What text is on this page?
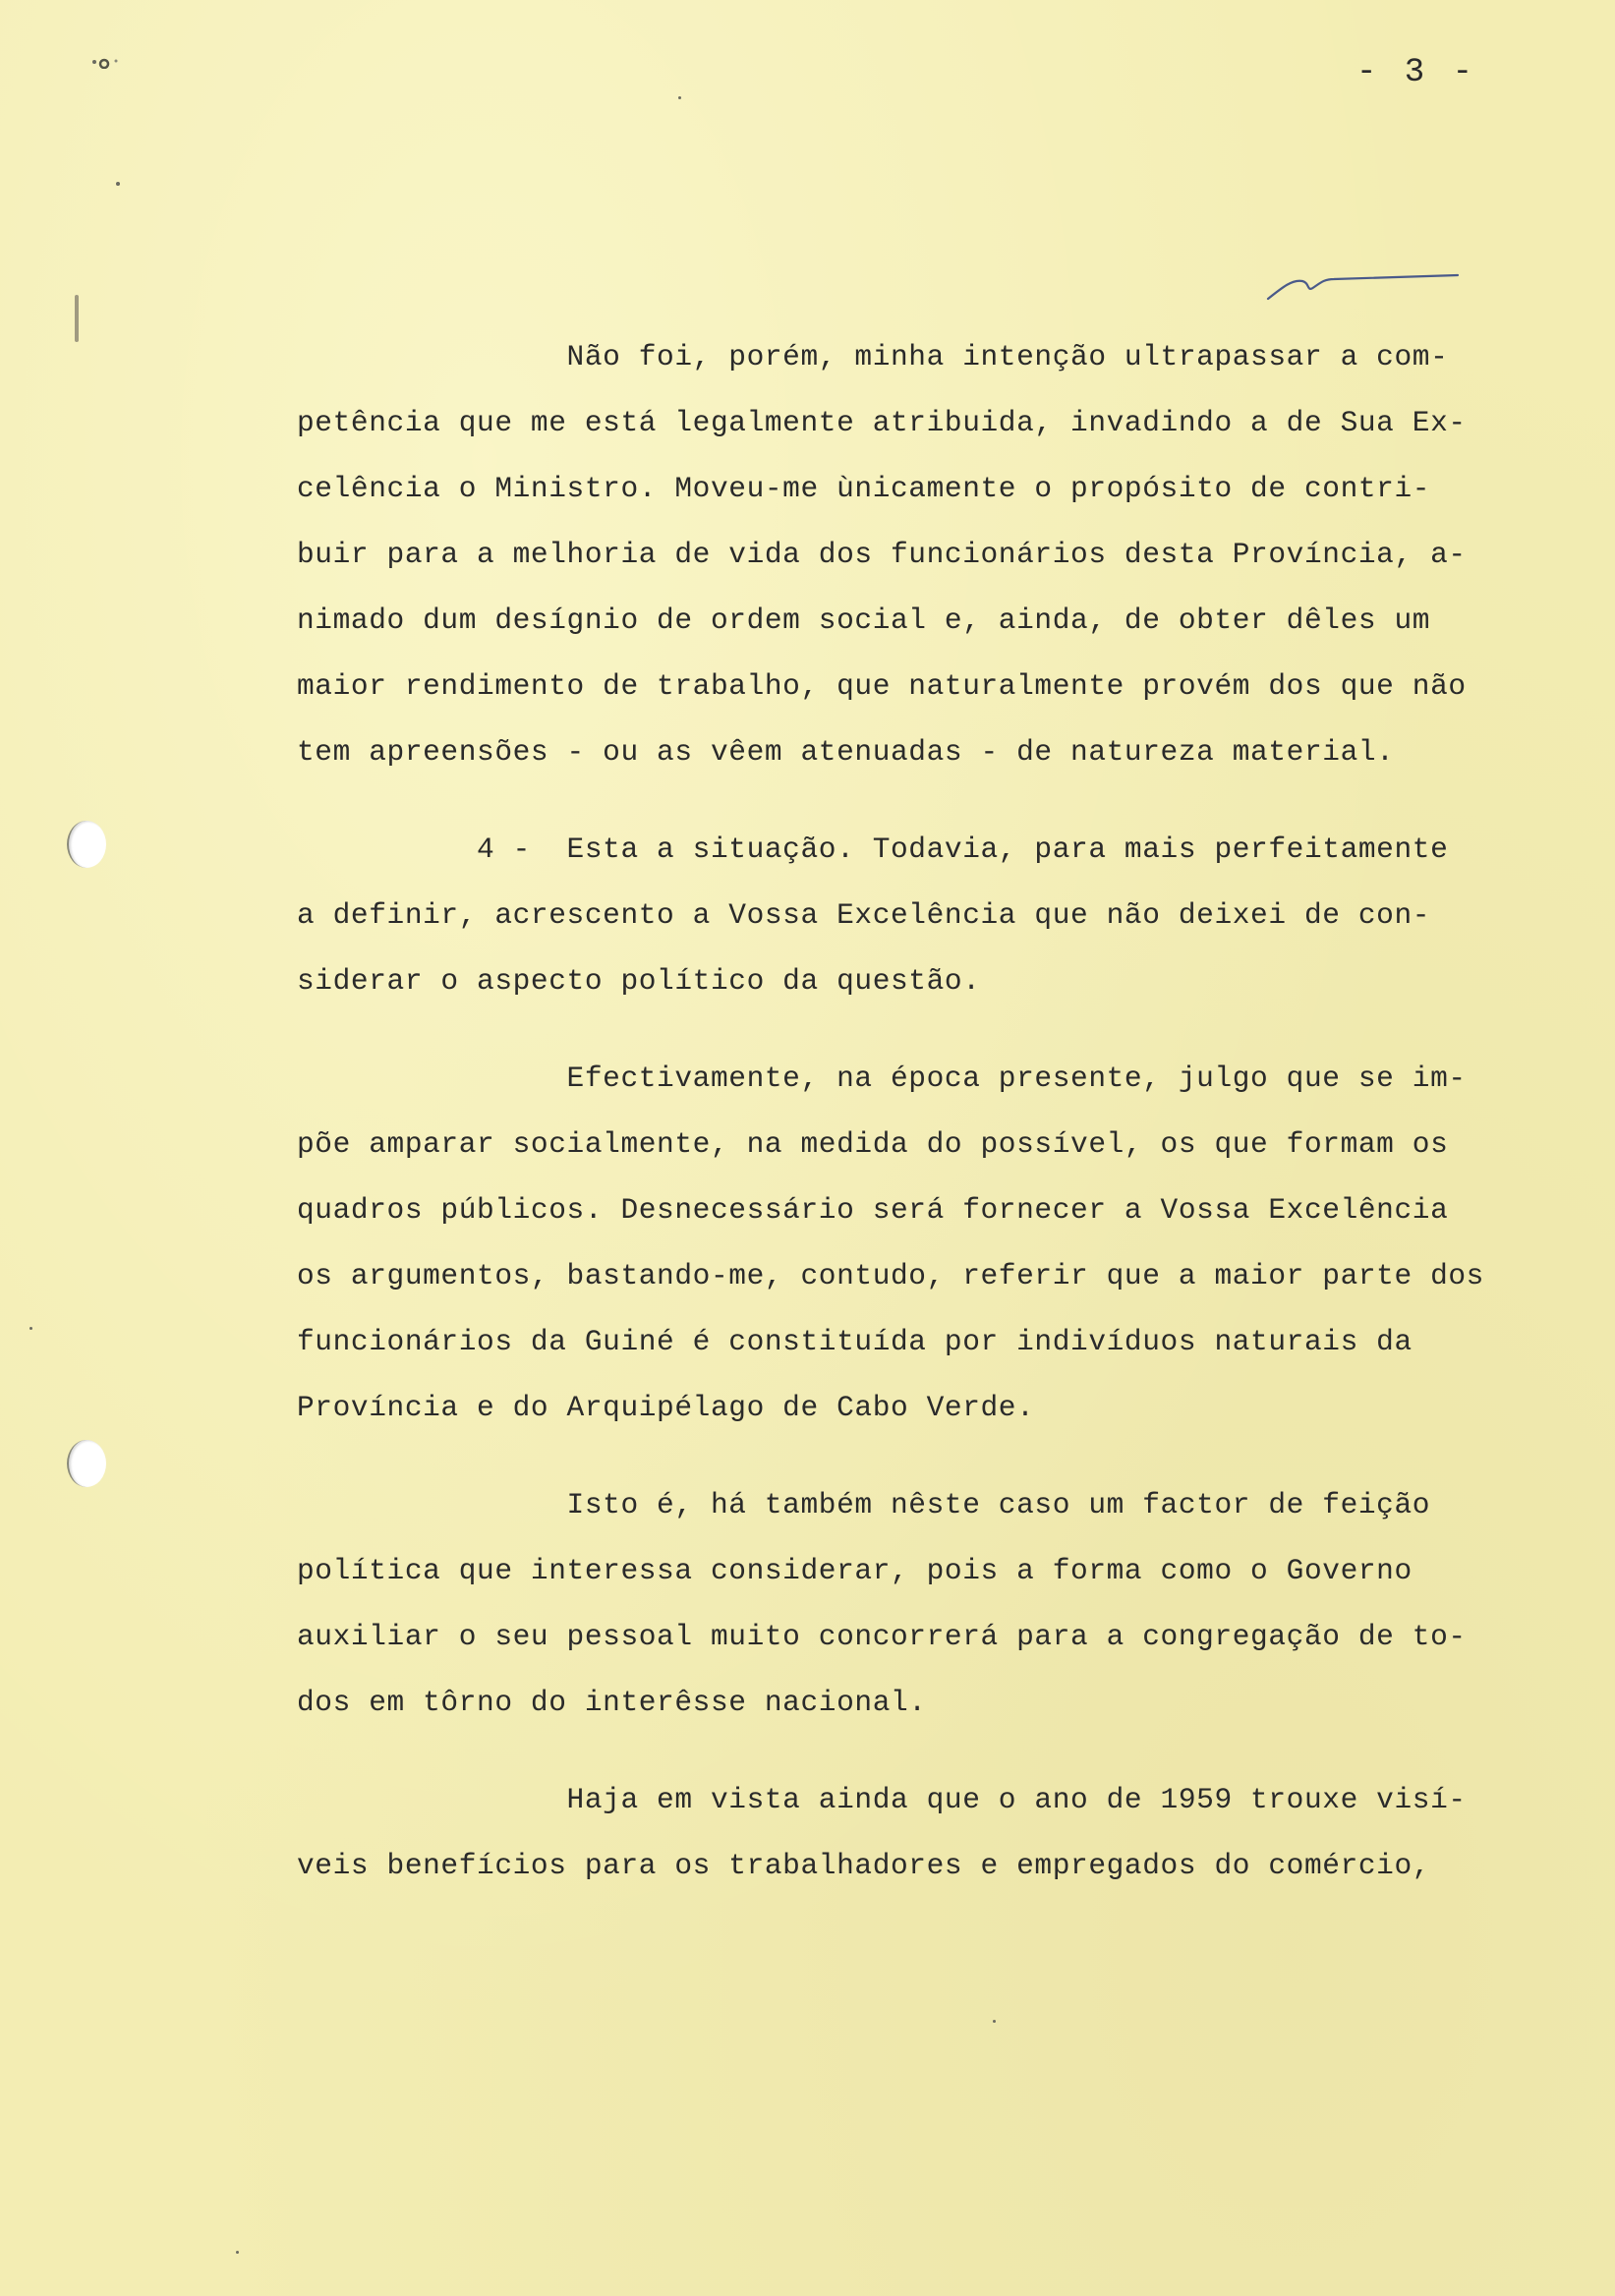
- 3 -
Não foi, porém, minha intenção ultrapassar a com-
petência que me está legalmente atribuida, invadindo a de Sua Ex-
celência o Ministro. Moveu-me ùnicamente o propósito de contri-
buir para a melhoria de vida dos funcionários desta Província, a-
nimado dum desígnio de ordem social e, ainda, de obter dêles um
maior rendimento de trabalho, que naturalmente provém dos que não
tem apreensões - ou as vêem atenuadas - de natureza material.
4 -  Esta a situação. Todavia, para mais perfeitamente
a definir, acrescento a Vossa Excelência que não deixei de con-
siderar o aspecto político da questão.
Efectivamente, na época presente, julgo que se im-
põe amparar socialmente, na medida do possível, os que formam os
quadros públicos. Desnecessário será fornecer a Vossa Excelência
os argumentos, bastando-me, contudo, referir que a maior parte dos
funcionários da Guiné é constituída por indivíduos naturais da
Província e do Arquipélago de Cabo Verde.
Isto é, há também nêste caso um factor de feição
política que interessa considerar, pois a forma como o Governo
auxiliar o seu pessoal muito concorrerá para a congregação de to-
dos em tôrno do interêsse nacional.
Haja em vista ainda que o ano de 1959 trouxe visí-
veis benefícios para os trabalhadores e empregados do comércio,
